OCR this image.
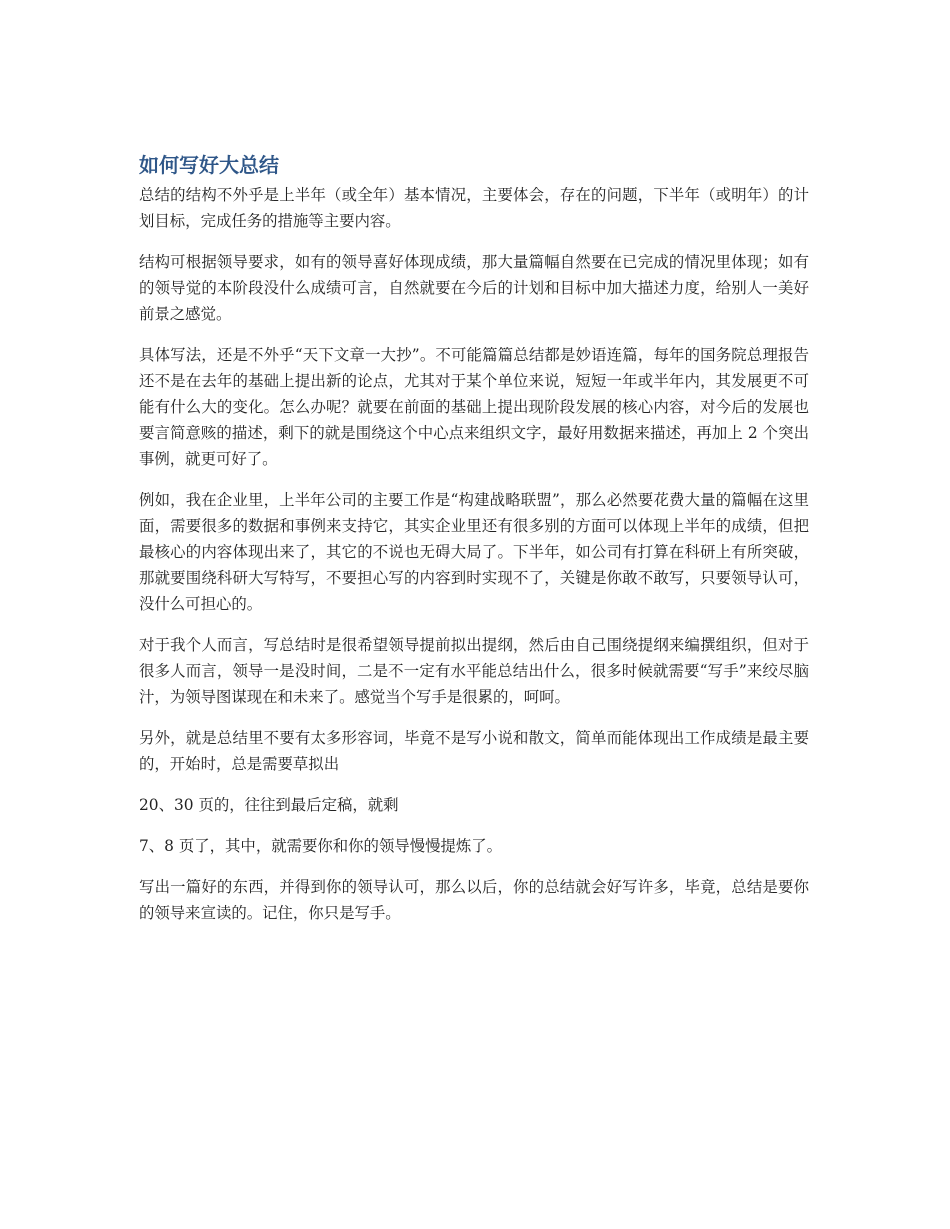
如何写好大总结

总结的结构不外乎是上半年（或全年）基本情况，主要体会，存在的问题，下半年（或明年）的计划目标，完成任务的措施等主要内容。

结构可根据领导要求，如有的领导喜好体现成绩，那大量篇幅自然要在已完成的情况里体现；如有的领导觉的本阶段没什么成绩可言，自然就要在今后的计划和目标中加大描述力度，给别人一美好前景之感觉。

具体写法，还是不外乎“天下文章一大抄”。不可能篇篇总结都是妙语连篇，每年的国务院总理报告还不是在去年的基础上提出新的论点，尤其对于某个单位来说，短短一年或半年内，其发展更不可能有什么大的变化。怎么办呢？就要在前面的基础上提出现阶段发展的核心内容，对今后的发展也要言简意赅的描述，剩下的就是围绕这个中心点来组织文字，最好用数据来描述，再加上 2 个突出事例，就更可好了。

例如，我在企业里，上半年公司的主要工作是“构建战略联盟”，那么必然要花费大量的篇幅在这里面，需要很多的数据和事例来支持它，其实企业里还有很多别的方面可以体现上半年的成绩，但把最核心的内容体现出来了，其它的不说也无碍大局了。下半年，如公司有打算在科研上有所突破，那就要围绕科研大写特写，不要担心写的内容到时实现不了，关键是你敢不敢写，只要领导认可，没什么可担心的。

对于我个人而言，写总结时是很希望领导提前拟出提纲，然后由自己围绕提纲来编撰组织，但对于很多人而言，领导一是没时间，二是不一定有水平能总结出什么，很多时候就需要“写手”来绞尽脑汁，为领导图谋现在和未来了。感觉当个写手是很累的，呵呵。

另外，就是总结里不要有太多形容词，毕竟不是写小说和散文，简单而能体现出工作成绩是最主要的，开始时，总是需要草拟出

20、30 页的，往往到最后定稿，就剩

7、8 页了，其中，就需要你和你的领导慢慢提炼了。

写出一篇好的东西，并得到你的领导认可，那么以后，你的总结就会好写许多，毕竟，总结是要你的领导来宣读的。记住，你只是写手。
